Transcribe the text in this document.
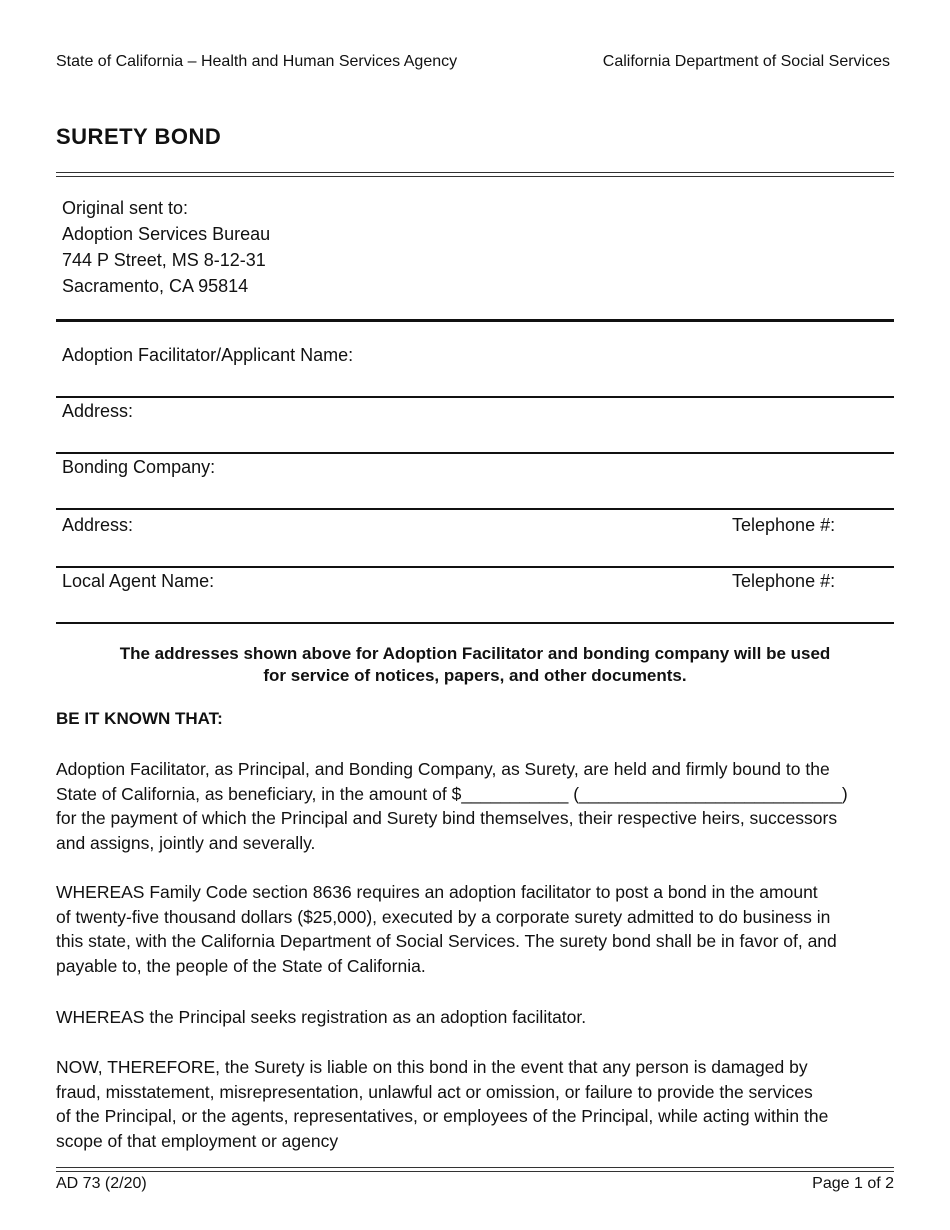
State of California – Health and Human Services Agency	California Department of Social Services
SURETY BOND
Original sent to:
Adoption Services Bureau
744 P Street, MS 8-12-31
Sacramento, CA 95814
Adoption Facilitator/Applicant Name:
Address:
Bonding Company:
Address:	Telephone #:
Local Agent Name:	Telephone #:
The addresses shown above for Adoption Facilitator and bonding company will be used
for service of notices, papers, and other documents.
BE IT KNOWN THAT:
Adoption Facilitator, as Principal, and Bonding Company, as Surety, are held and firmly bound to the
State of California, as beneficiary, in the amount of $___________ (___________________________)
for the payment of which the Principal and Surety bind themselves, their respective heirs, successors
and assigns, jointly and severally.
WHEREAS Family Code section 8636 requires an adoption facilitator to post a bond in the amount
of twenty-five thousand dollars ($25,000), executed by a corporate surety admitted to do business in
this state, with the California Department of Social Services. The surety bond shall be in favor of, and
payable to, the people of the State of California.
WHEREAS the Principal seeks registration as an adoption facilitator.
NOW, THEREFORE, the Surety is liable on this bond in the event that any person is damaged by
fraud, misstatement, misrepresentation, unlawful act or omission, or failure to provide the services
of the Principal, or the agents, representatives, or employees of the Principal, while acting within the
scope of that employment or agency
AD 73 (2/20)	Page 1 of 2
